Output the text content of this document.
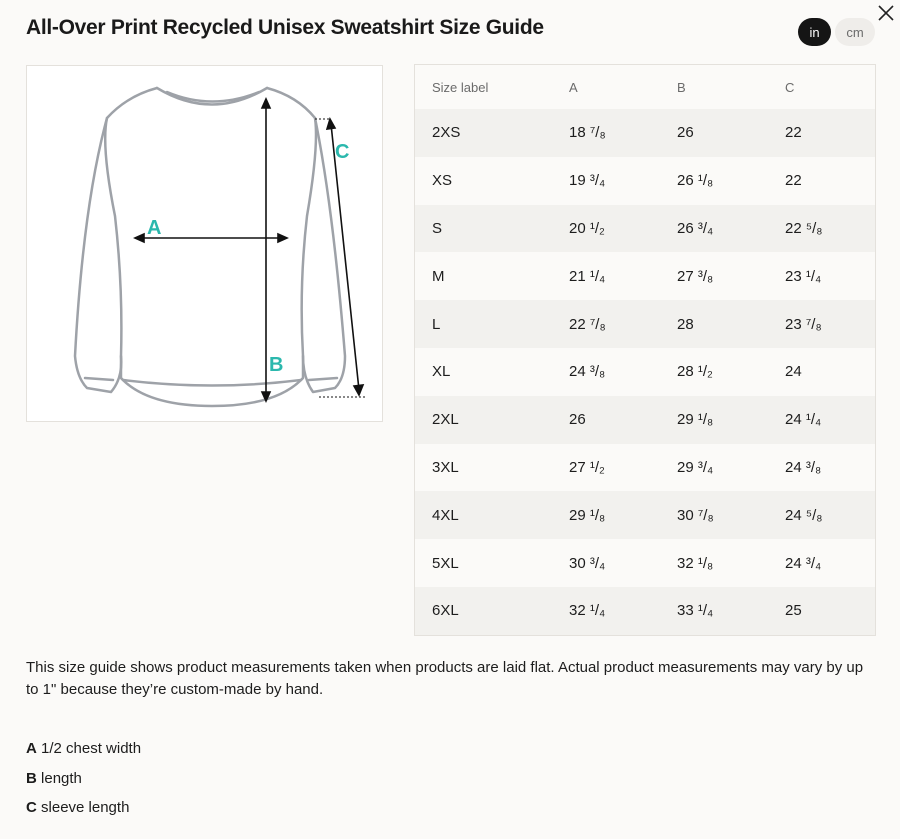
All-Over Print Recycled Unisex Sweatshirt Size Guide	in	cm
A
B
C
Size label	A	B	C
2XS	18 ⁷/₈	26	22
XS	19 ³/₄	26 ¹/₈	22
S	20 ¹/₂	26 ³/₄	22 ⁵/₈
M	21 ¹/₄	27 ³/₈	23 ¹/₄
L	22 ⁷/₈	28	23 ⁷/₈
XL	24 ³/₈	28 ¹/₂	24
2XL	26	29 ¹/₈	24 ¹/₄
3XL	27 ¹/₂	29 ³/₄	24 ³/₈
4XL	29 ¹/₈	30 ⁷/₈	24 ⁵/₈
5XL	30 ³/₄	32 ¹/₈	24 ³/₄
6XL	32 ¹/₄	33 ¹/₄	25
This size guide shows product measurements taken when products are laid flat. Actual product measurements may vary by up to 1" because they’re custom-made by hand.
A 1/2 chest width
B length
C sleeve length
